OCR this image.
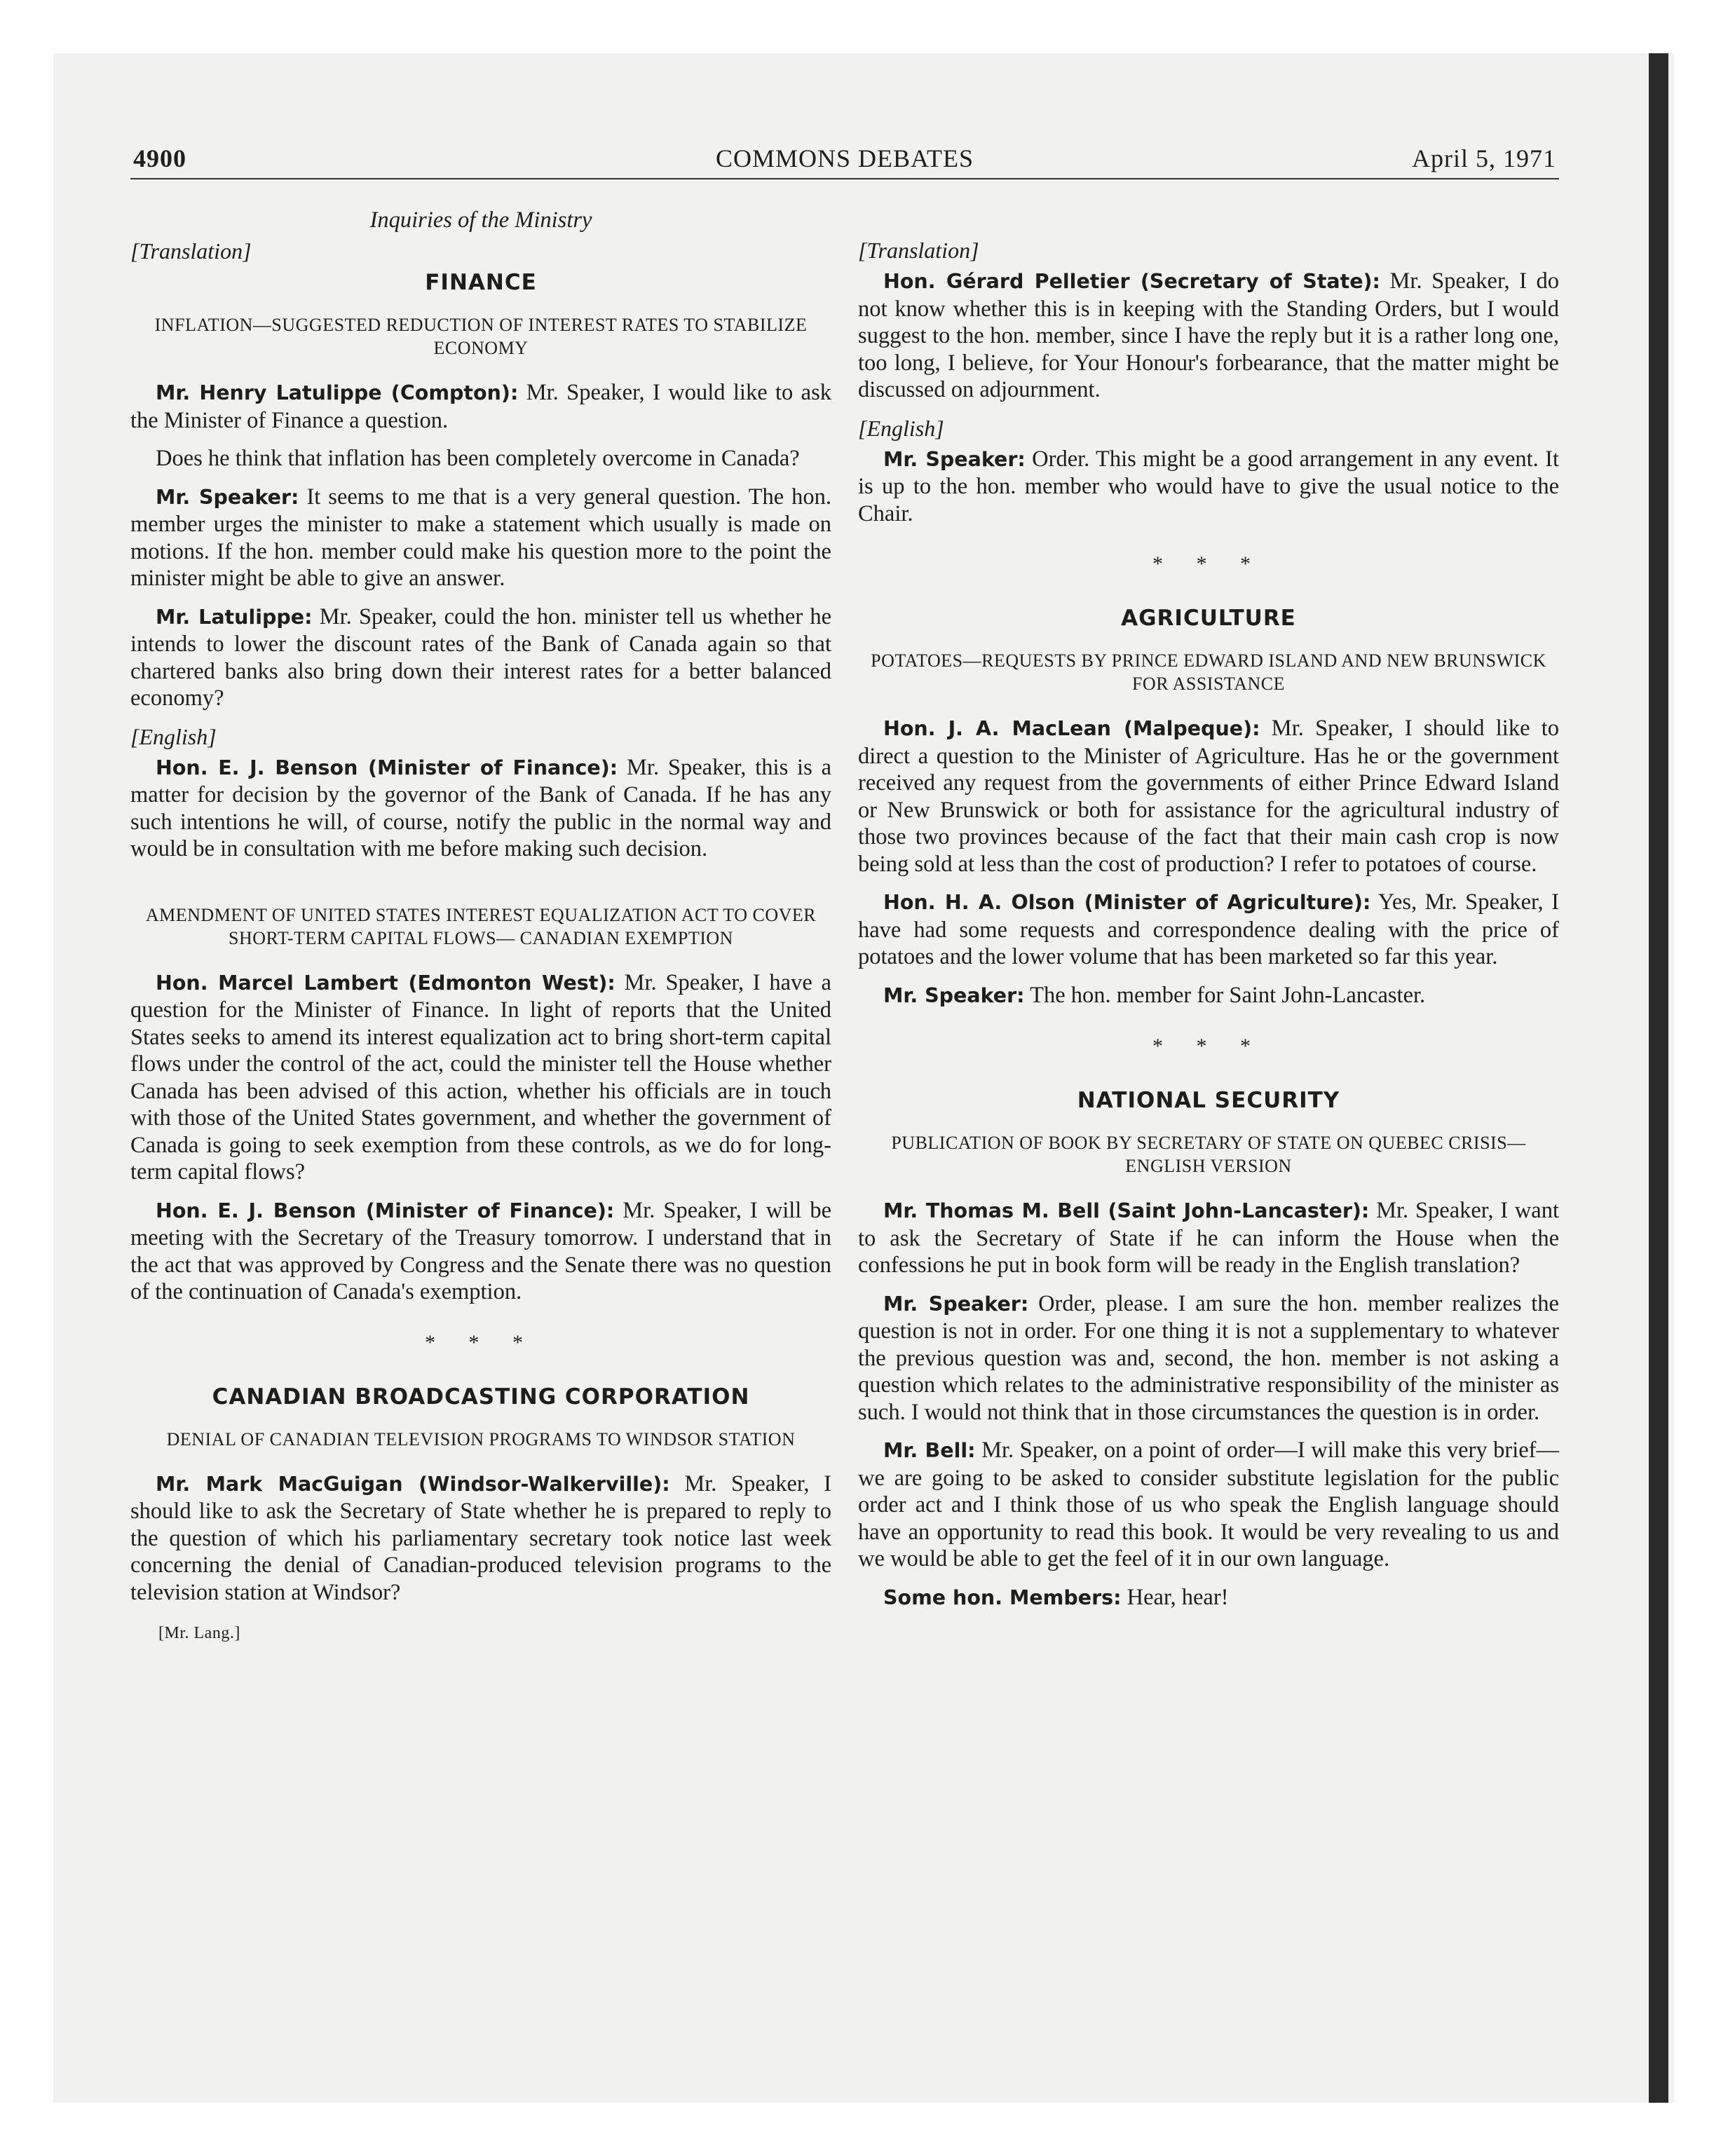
4900	COMMONS DEBATES	April 5, 1971

Inquiries of the Ministry

[Translation]
FINANCE
INFLATION—SUGGESTED REDUCTION OF INTEREST RATES TO STABILIZE ECONOMY

Mr. Henry Latulippe (Compton): Mr. Speaker, I would like to ask the Minister of Finance a question.

Does he think that inflation has been completely overcome in Canada?

Mr. Speaker: It seems to me that is a very general question. The hon. member urges the minister to make a statement which usually is made on motions. If the hon. member could make his question more to the point the minister might be able to give an answer.

Mr. Latulippe: Mr. Speaker, could the hon. minister tell us whether he intends to lower the discount rates of the Bank of Canada again so that chartered banks also bring down their interest rates for a better balanced economy?

[English]

Hon. E. J. Benson (Minister of Finance): Mr. Speaker, this is a matter for decision by the governor of the Bank of Canada. If he has any such intentions he will, of course, notify the public in the normal way and would be in consultation with me before making such decision.

AMENDMENT OF UNITED STATES INTEREST EQUALIZATION ACT TO COVER SHORT-TERM CAPITAL FLOWS— CANADIAN EXEMPTION

Hon. Marcel Lambert (Edmonton West): Mr. Speaker, I have a question for the Minister of Finance. In light of reports that the United States seeks to amend its interest equalization act to bring short-term capital flows under the control of the act, could the minister tell the House whether Canada has been advised of this action, whether his officials are in touch with those of the United States government, and whether the government of Canada is going to seek exemption from these controls, as we do for long-term capital flows?

Hon. E. J. Benson (Minister of Finance): Mr. Speaker, I will be meeting with the Secretary of the Treasury tomorrow. I understand that in the act that was approved by Congress and the Senate there was no question of the continuation of Canada's exemption.

* * *
CANADIAN BROADCASTING CORPORATION
DENIAL OF CANADIAN TELEVISION PROGRAMS TO WINDSOR STATION

Mr. Mark MacGuigan (Windsor-Walkerville): Mr. Speaker, I should like to ask the Secretary of State whether he is prepared to reply to the question of which his parliamentary secretary took notice last week concerning the denial of Canadian-produced television programs to the television station at Windsor?

[Mr. Lang.]
[Translation]

Hon. Gérard Pelletier (Secretary of State): Mr. Speaker, I do not know whether this is in keeping with the Standing Orders, but I would suggest to the hon. member, since I have the reply but it is a rather long one, too long, I believe, for Your Honour's forbearance, that the matter might be discussed on adjournment.

[English]

Mr. Speaker: Order. This might be a good arrangement in any event. It is up to the hon. member who would have to give the usual notice to the Chair.

* * *
AGRICULTURE
POTATOES—REQUESTS BY PRINCE EDWARD ISLAND AND NEW BRUNSWICK FOR ASSISTANCE

Hon. J. A. MacLean (Malpeque): Mr. Speaker, I should like to direct a question to the Minister of Agriculture. Has he or the government received any request from the governments of either Prince Edward Island or New Brunswick or both for assistance for the agricultural industry of those two provinces because of the fact that their main cash crop is now being sold at less than the cost of production? I refer to potatoes of course.

Hon. H. A. Olson (Minister of Agriculture): Yes, Mr. Speaker, I have had some requests and correspondence dealing with the price of potatoes and the lower volume that has been marketed so far this year.

Mr. Speaker: The hon. member for Saint John-Lancaster.

* * *
NATIONAL SECURITY
PUBLICATION OF BOOK BY SECRETARY OF STATE ON QUEBEC CRISIS—ENGLISH VERSION

Mr. Thomas M. Bell (Saint John-Lancaster): Mr. Speaker, I want to ask the Secretary of State if he can inform the House when the confessions he put in book form will be ready in the English translation?

Mr. Speaker: Order, please. I am sure the hon. member realizes the question is not in order. For one thing it is not a supplementary to whatever the previous question was and, second, the hon. member is not asking a question which relates to the administrative responsibility of the minister as such. I would not think that in those circumstances the question is in order.

Mr. Bell: Mr. Speaker, on a point of order—I will make this very brief—we are going to be asked to consider substitute legislation for the public order act and I think those of us who speak the English language should have an opportunity to read this book. It would be very revealing to us and we would be able to get the feel of it in our own language.

Some hon. Members: Hear, hear!
